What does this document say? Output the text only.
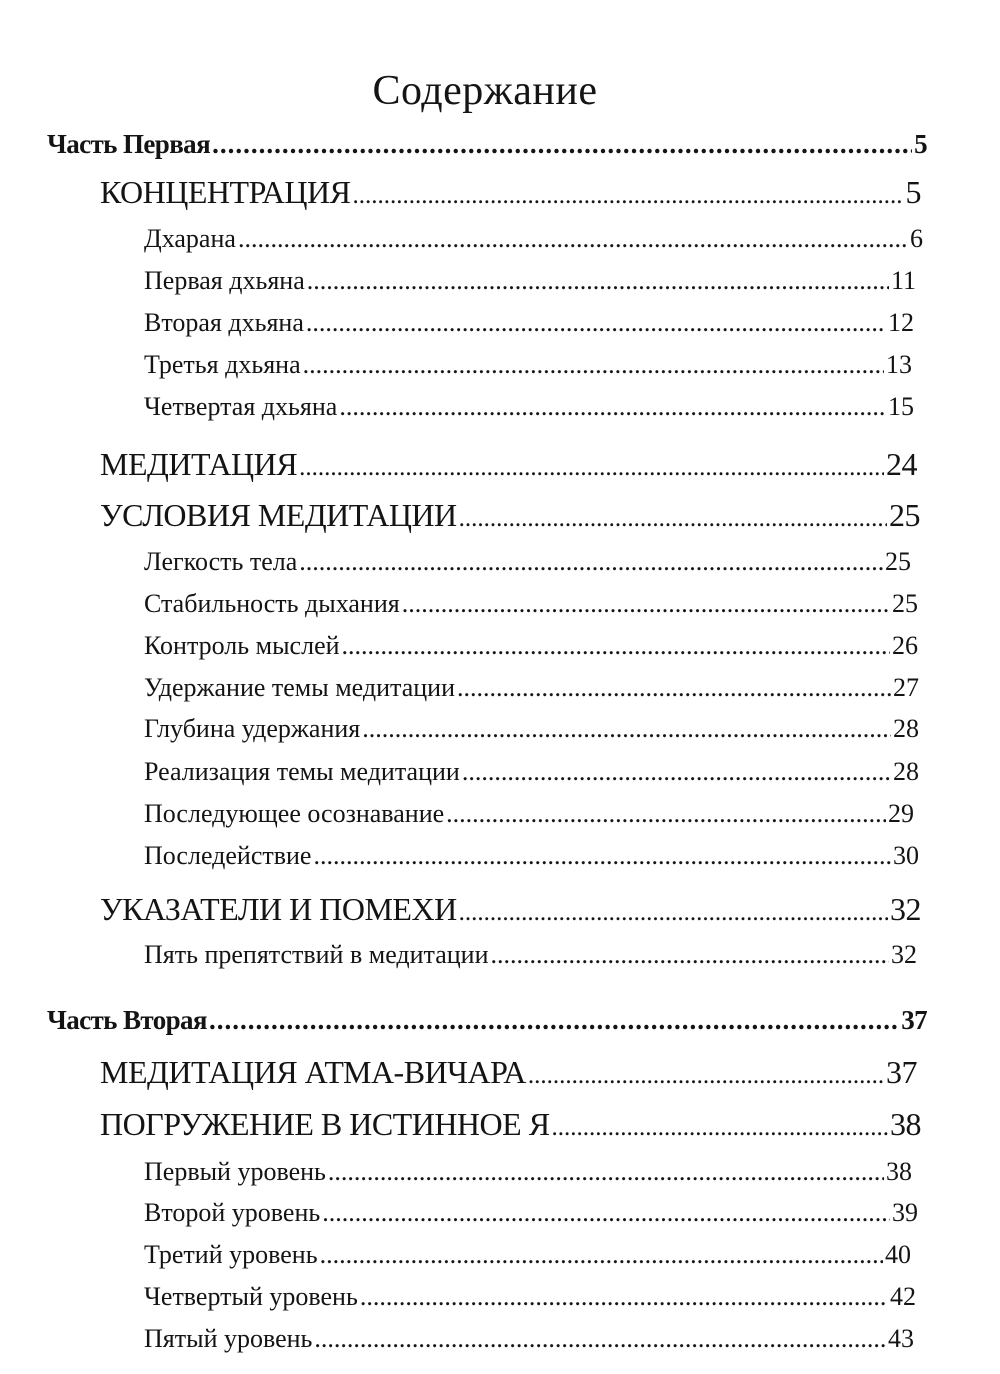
Содержание
Часть Первая .....	5
КОНЦЕНТРАЦИЯ .....	5
Дхарана .....	6
Первая дхьяна .....	11
Вторая дхьяна .....	12
Третья дхьяна .....	13
Четвертая дхьяна .....	15
МЕДИТАЦИЯ .....	24
УСЛОВИЯ МЕДИТАЦИИ .....	25
Легкость тела .....	25
Стабильность дыхания .....	25
Контроль мыслей .....	26
Удержание темы медитации .....	27
Глубина удержания .....	28
Реализация темы медитации .....	28
Последующее осознавание .....	29
Последействие .....	30
УКАЗАТЕЛИ И ПОМЕХИ .....	32
Пять препятствий в медитации .....	32
Часть Вторая .....	37
МЕДИТАЦИЯ АТМА-ВИЧАРА .....	37
ПОГРУЖЕНИЕ В ИСТИННОЕ Я .....	38
Первый уровень .....	38
Второй уровень .....	39
Третий уровень .....	40
Четвертый уровень .....	42
Пятый уровень .....	43
